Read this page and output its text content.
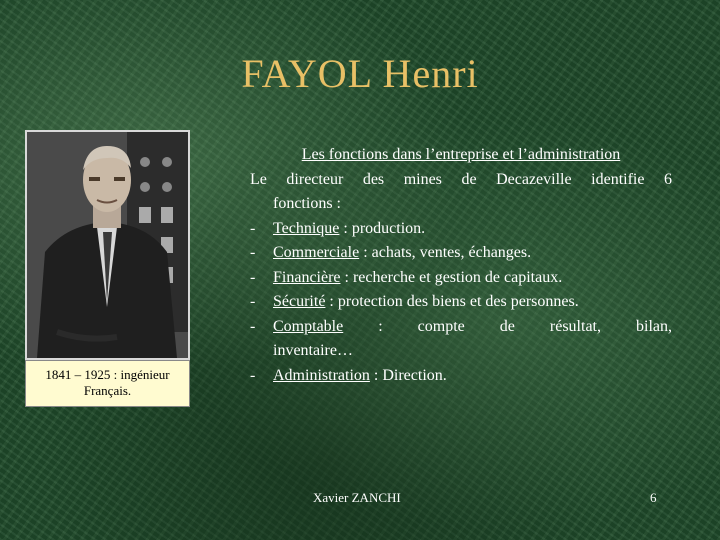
FAYOL Henri
1841 – 1925 : ingénieur
Français.
Les fonctions dans l’entreprise et l’administration
Le directeur des mines de Decazeville identifie 6
fonctions :
-	Technique : production.
-	Commerciale : achats, ventes, échanges.
-	Financière : recherche et gestion de capitaux.
-	Sécurité : protection des biens et des personnes.
-	Comptable : compte de résultat, bilan,
inventaire…
-	Administration : Direction.
Xavier ZANCHI	6
